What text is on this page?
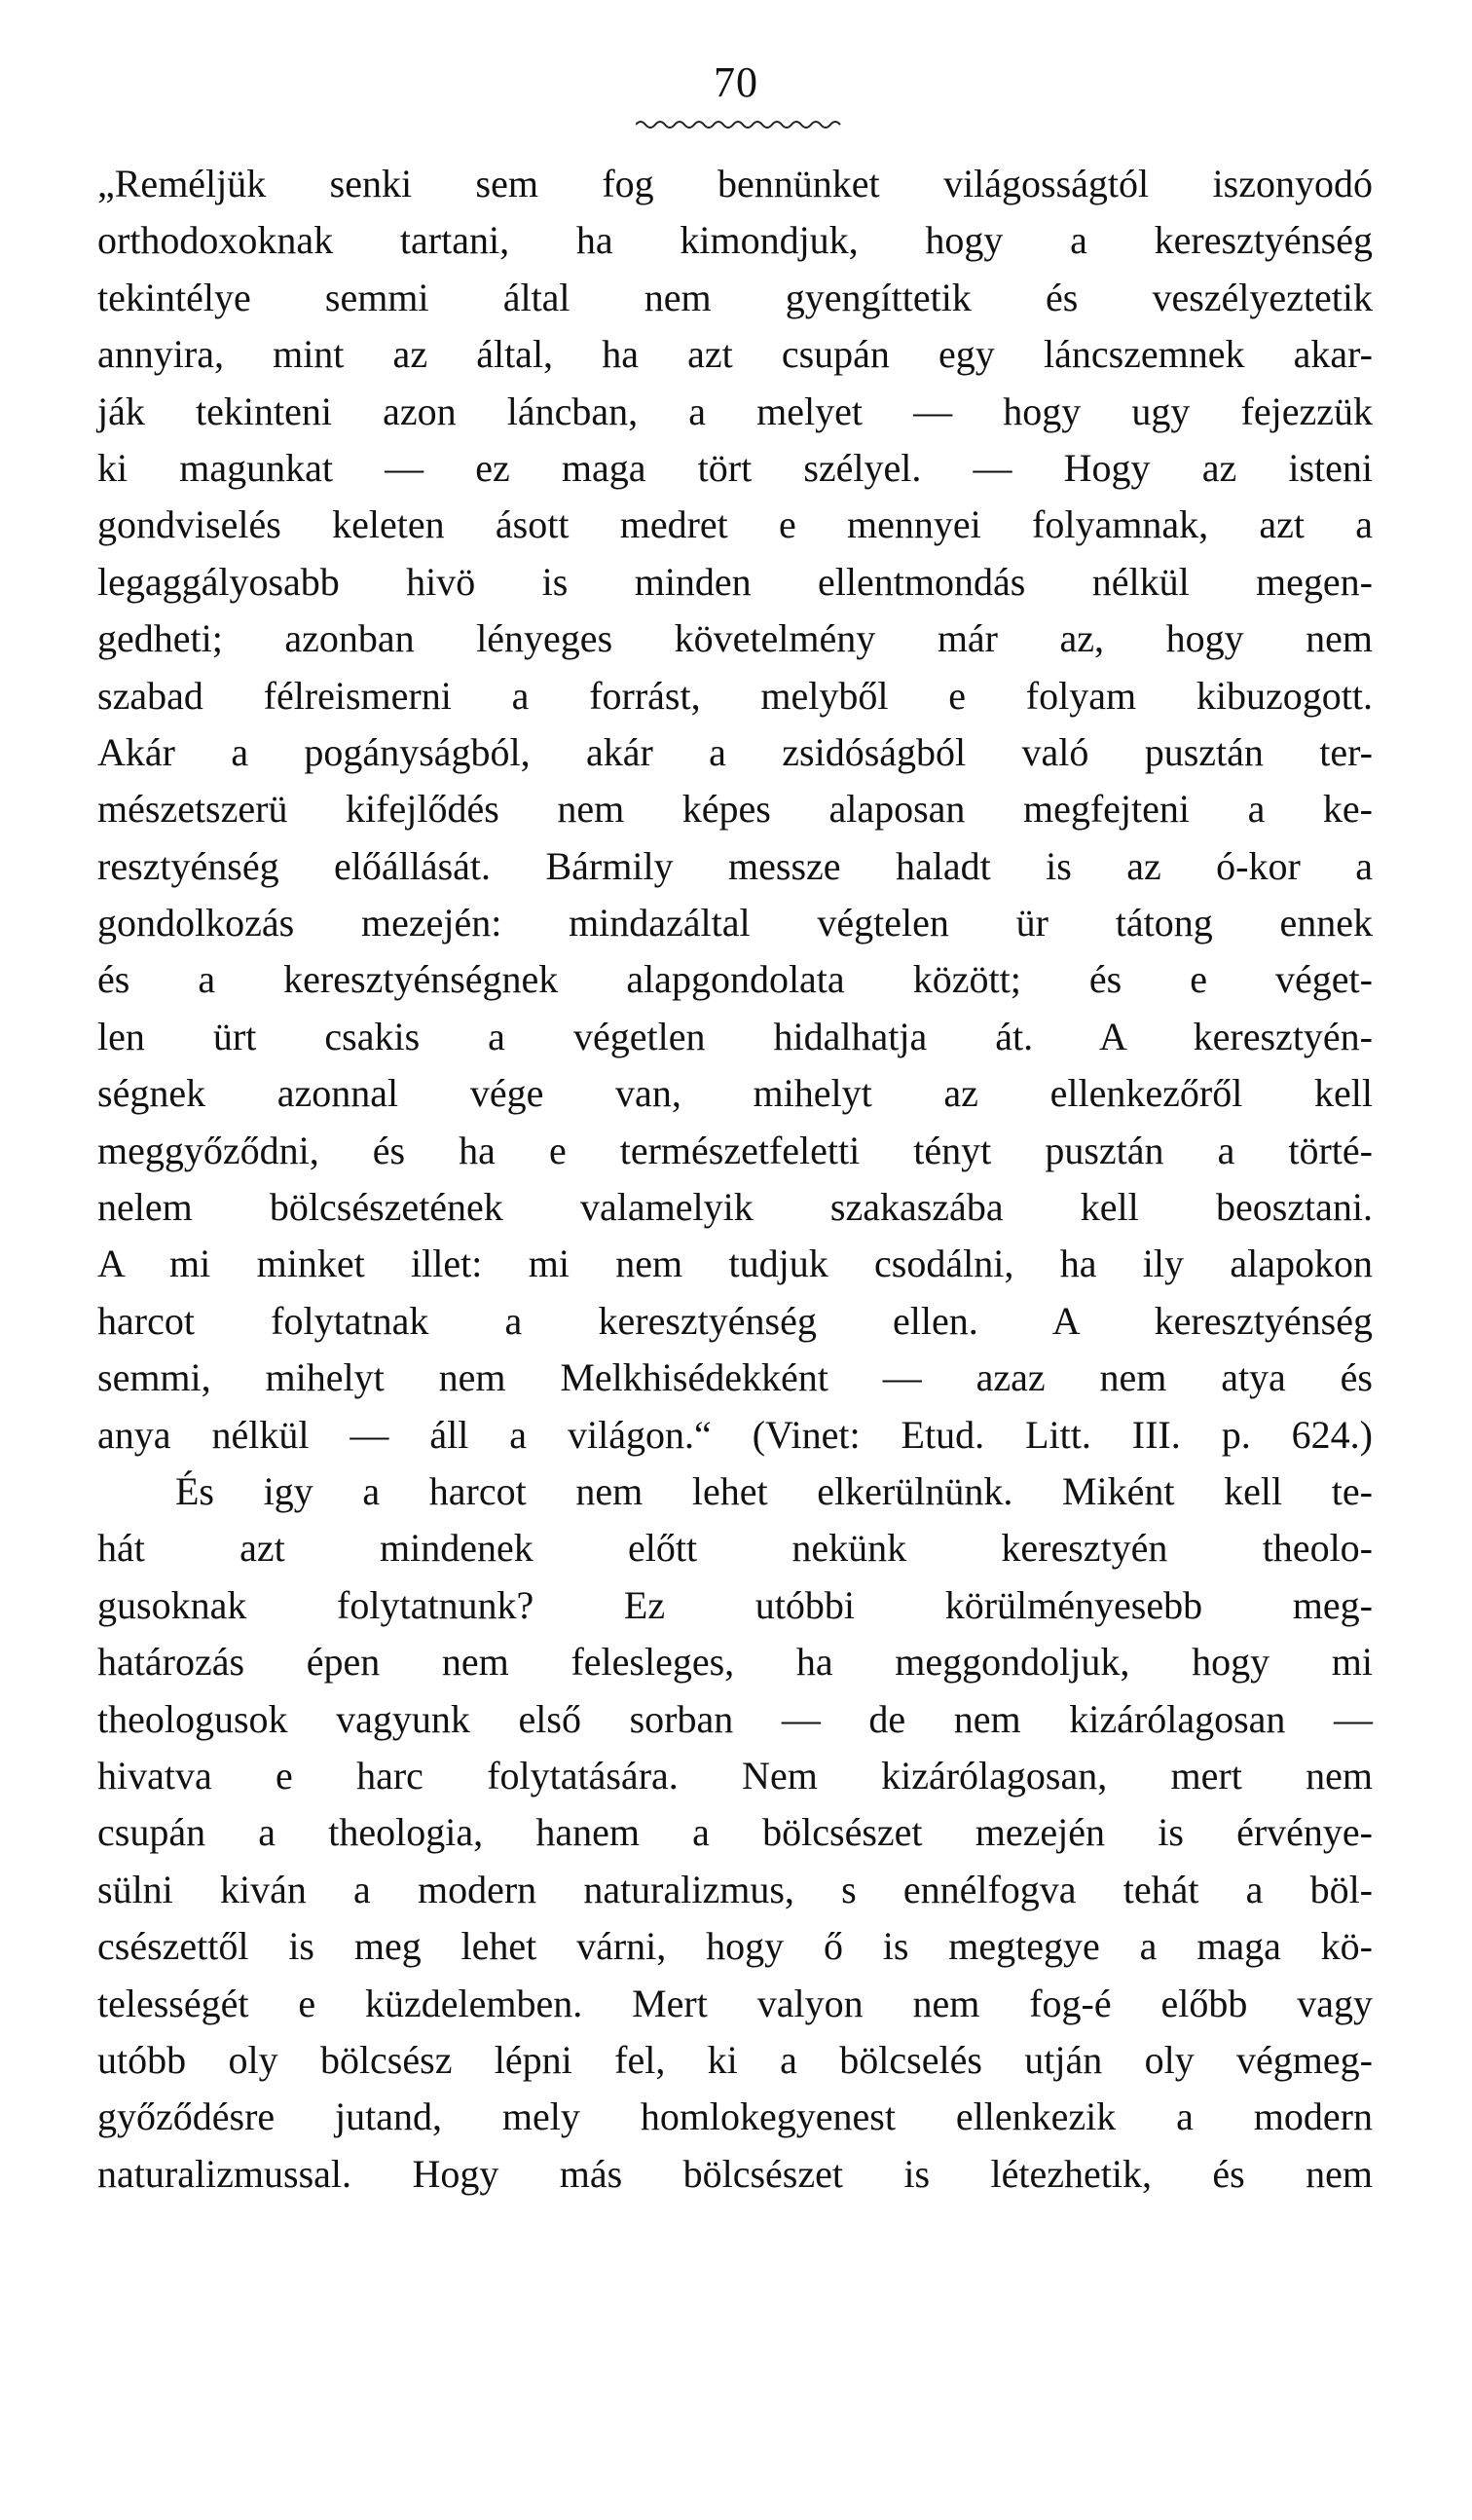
70
„Reméljük senki sem fog bennünket világosságtól iszonyodó
orthodoxoknak tartani, ha kimondjuk, hogy a keresztyénség
tekintélye semmi által nem gyengíttetik és veszélyeztetik
annyira, mint az által, ha azt csupán egy láncszemnek akar-
ják tekinteni azon láncban, a melyet — hogy ugy fejezzük
ki magunkat — ez maga tört szélyel. — Hogy az isteni
gondviselés keleten ásott medret e mennyei folyamnak, azt a
legaggályosabb hivö is minden ellentmondás nélkül megen-
gedheti; azonban lényeges követelmény már az, hogy nem
szabad félreismerni a forrást, melyből e folyam kibuzogott.
Akár a pogányságból, akár a zsidóságból való pusztán ter-
mészetszerü kifejlődés nem képes alaposan megfejteni a ke-
resztyénség előállását. Bármily messze haladt is az ó-kor a
gondolkozás mezején: mindazáltal végtelen ür tátong ennek
és a keresztyénségnek alapgondolata között; és e véget-
len ürt csakis a végetlen hidalhatja át. A keresztyén-
ségnek azonnal vége van, mihelyt az ellenkezőről kell
meggyőződni, és ha e természetfeletti tényt pusztán a törté-
nelem bölcsészetének valamelyik szakaszába kell beosztani.
A mi minket illet: mi nem tudjuk csodálni, ha ily alapokon
harcot folytatnak a keresztyénség ellen. A keresztyénség
semmi, mihelyt nem Melkhisédekként — azaz nem atya és
anya nélkül — áll a világon.“ (Vinet: Etud. Litt. III. p. 624.)
És igy a harcot nem lehet elkerülnünk. Miként kell te-
hát azt mindenek előtt nekünk keresztyén theolo-
gusoknak folytatnunk? Ez utóbbi körülményesebb meg-
határozás épen nem felesleges, ha meggondoljuk, hogy mi
theologusok vagyunk első sorban — de nem kizárólagosan —
hivatva e harc folytatására. Nem kizárólagosan, mert nem
csupán a theologia, hanem a bölcsészet mezején is érvénye-
sülni kiván a modern naturalizmus, s ennélfogva tehát a böl-
csészettől is meg lehet várni, hogy ő is megtegye a maga kö-
telességét e küzdelemben. Mert valyon nem fog-é előbb vagy
utóbb oly bölcsész lépni fel, ki a bölcselés utján oly végmeg-
győződésre jutand, mely homlokegyenest ellenkezik a modern
naturalizmussal. Hogy más bölcsészet is létezhetik, és nem
